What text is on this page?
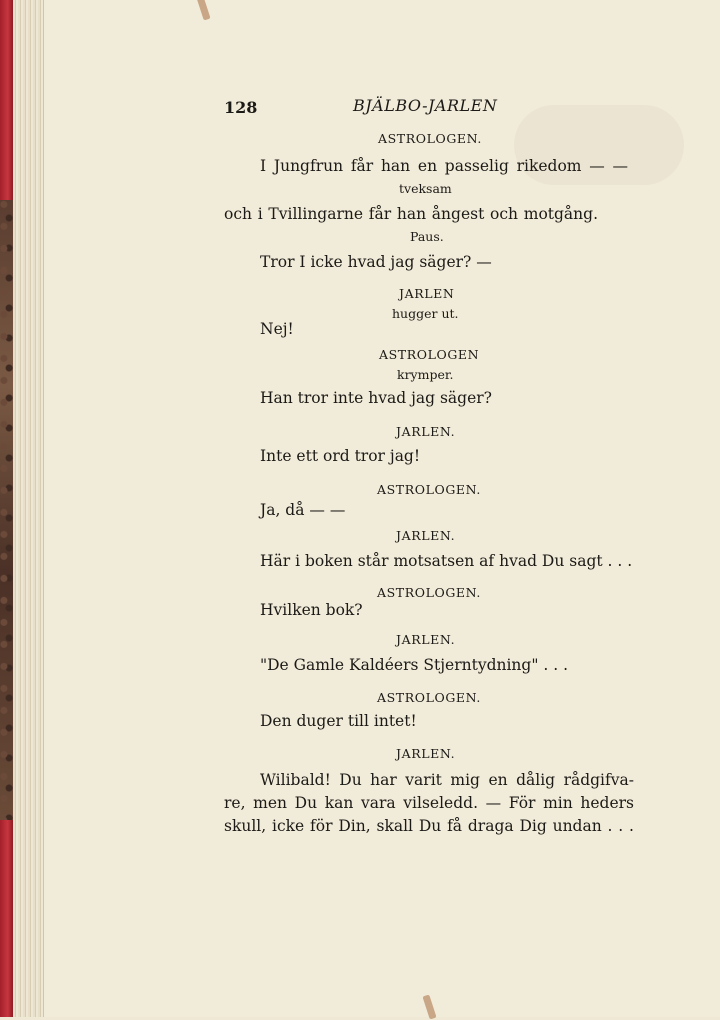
128	BJÄLBO-JARLEN
ASTROLOGEN.
I Jungfrun får han en passelig rikedom — —
tveksam
och i Tvillingarne får han ångest och motgång.
Paus.
Tror I icke hvad jag säger? —
JARLEN
hugger ut.
Nej!
ASTROLOGEN
krymper.
Han tror inte hvad jag säger?
JARLEN.
Inte ett ord tror jag!
ASTROLOGEN.
Ja, då — —
JARLEN.
Här i boken står motsatsen af hvad Du sagt . . .
ASTROLOGEN.
Hvilken bok?
JARLEN.
"De Gamle Kaldéers Stjerntydning" . . .
ASTROLOGEN.
Den duger till intet!
JARLEN.
Wilibald! Du har varit mig en dålig rådgifva-
re, men Du kan vara vilseledd. — För min heders
skull, icke för Din, skall Du få draga Dig undan . . .
